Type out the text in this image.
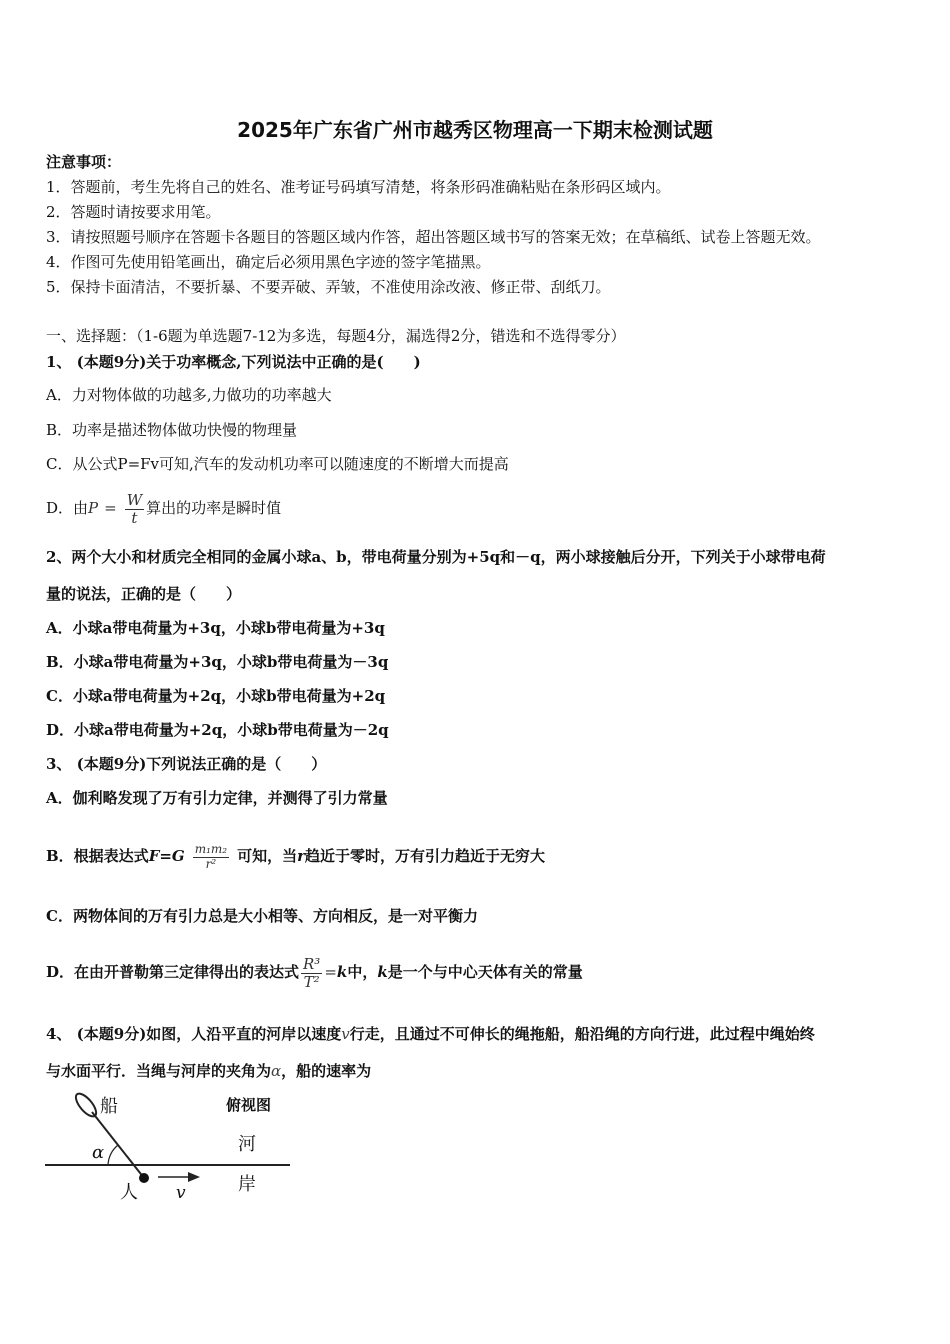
2025年广东省广州市越秀区物理高一下期末检测试题
注意事项：
1．答题前，考生先将自己的姓名、准考证号码填写清楚，将条形码准确粘贴在条形码区域内。
2．答题时请按要求用笔。
3．请按照题号顺序在答题卡各题目的答题区域内作答，超出答题区域书写的答案无效；在草稿纸、试卷上答题无效。
4．作图可先使用铅笔画出，确定后必须用黑色字迹的签字笔描黑。
5．保持卡面清洁，不要折暴、不要弄破、弄皱，不准使用涂改液、修正带、刮纸刀。
一、选择题：（1-6题为单选题7-12为多选，每题4分，漏选得2分，错选和不选得零分）
1、 (本题9分)关于功率概念,下列说法中正确的是(　　)
A．力对物体做的功越多,力做功的功率越大
B．功率是描述物体做功快慢的物理量
C．从公式P=Fv可知,汽车的发动机功率可以随速度的不断增大而提高
D．由$P = \frac{W}{t}$ 算出的功率是瞬时值
2、两个大小和材质完全相同的金属小球a、b，带电荷量分别为+5q和－q，两小球接触后分开，下列关于小球带电荷
量的说法，正确的是（　　）
A．小球a带电荷量为+3q，小球b带电荷量为+3q
B．小球a带电荷量为+3q，小球b带电荷量为－3q
C．小球a带电荷量为+2q，小球b带电荷量为+2q
D．小球a带电荷量为+2q，小球b带电荷量为－2q
3、 (本题9分)下列说法正确的是（　　）
A．伽利略发现了万有引力定律，并测得了引力常量
B．根据表达式$F=G \frac{\text{m₁m₂}}{\text{r²}}$ 可知，当r趋近于零时，万有引力趋近于无穷大
C．两物体间的万有引力总是大小相等、方向相反，是一对平衡力
D．在由开普勒第三定律得出的表达式 $\frac{\text{R³}}{\text{T²}} =k$中，k是一个与中心天体有关的常量
4、 (本题9分)如图，人沿平直的河岸以速度v行走，且通过不可伸长的绳拖船，船沿绳的方向行进，此过程中绳始终
与水面平行．当绳与河岸的夹角为α，船的速率为
船	俯视图
河
岸
人
α
v
